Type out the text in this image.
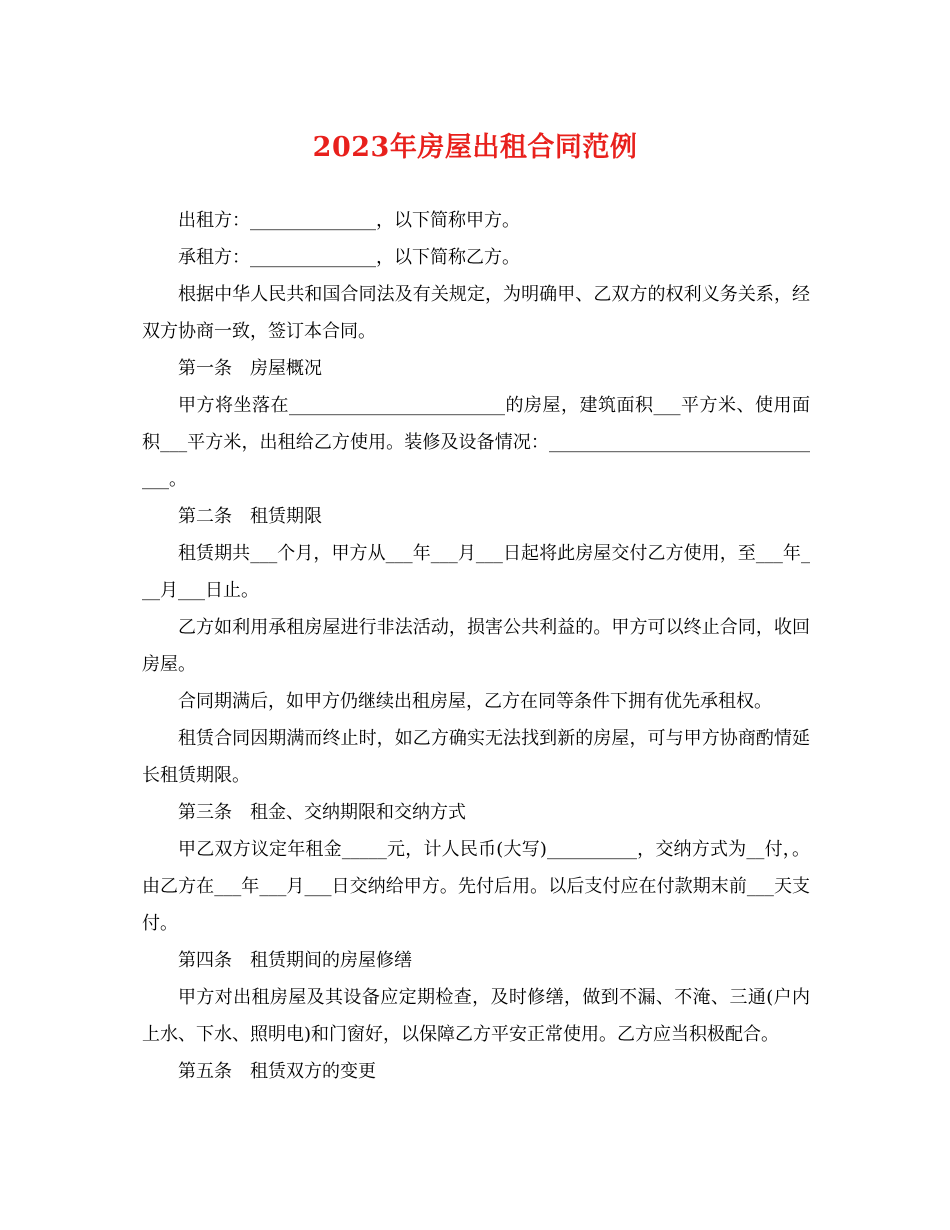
2023年房屋出租合同范例

出租方：______________，以下简称甲方。

承租方：______________，以下简称乙方。

根据中华人民共和国合同法及有关规定，为明确甲、乙双方的权利义务关系，经双方协商一致，签订本合同。

第一条　房屋概况

甲方将坐落在________________________的房屋，建筑面积___平方米、使用面积___平方米，出租给乙方使用。装修及设备情况：________________________________。

第二条　租赁期限

租赁期共___个月，甲方从___年___月___日起将此房屋交付乙方使用，至___年___月___日止。

乙方如利用承租房屋进行非法活动，损害公共利益的。甲方可以终止合同，收回房屋。

合同期满后，如甲方仍继续出租房屋，乙方在同等条件下拥有优先承租权。

租赁合同因期满而终止时，如乙方确实无法找到新的房屋，可与甲方协商酌情延长租赁期限。

第三条　租金、交纳期限和交纳方式

甲乙双方议定年租金_____元，计人民币(大写)__________，交纳方式为__付，。由乙方在___年___月___日交纳给甲方。先付后用。以后支付应在付款期末前___天支付。

第四条　租赁期间的房屋修缮

甲方对出租房屋及其设备应定期检查，及时修缮，做到不漏、不淹、三通(户内上水、下水、照明电)和门窗好，以保障乙方平安正常使用。乙方应当积极配合。

第五条　租赁双方的变更
